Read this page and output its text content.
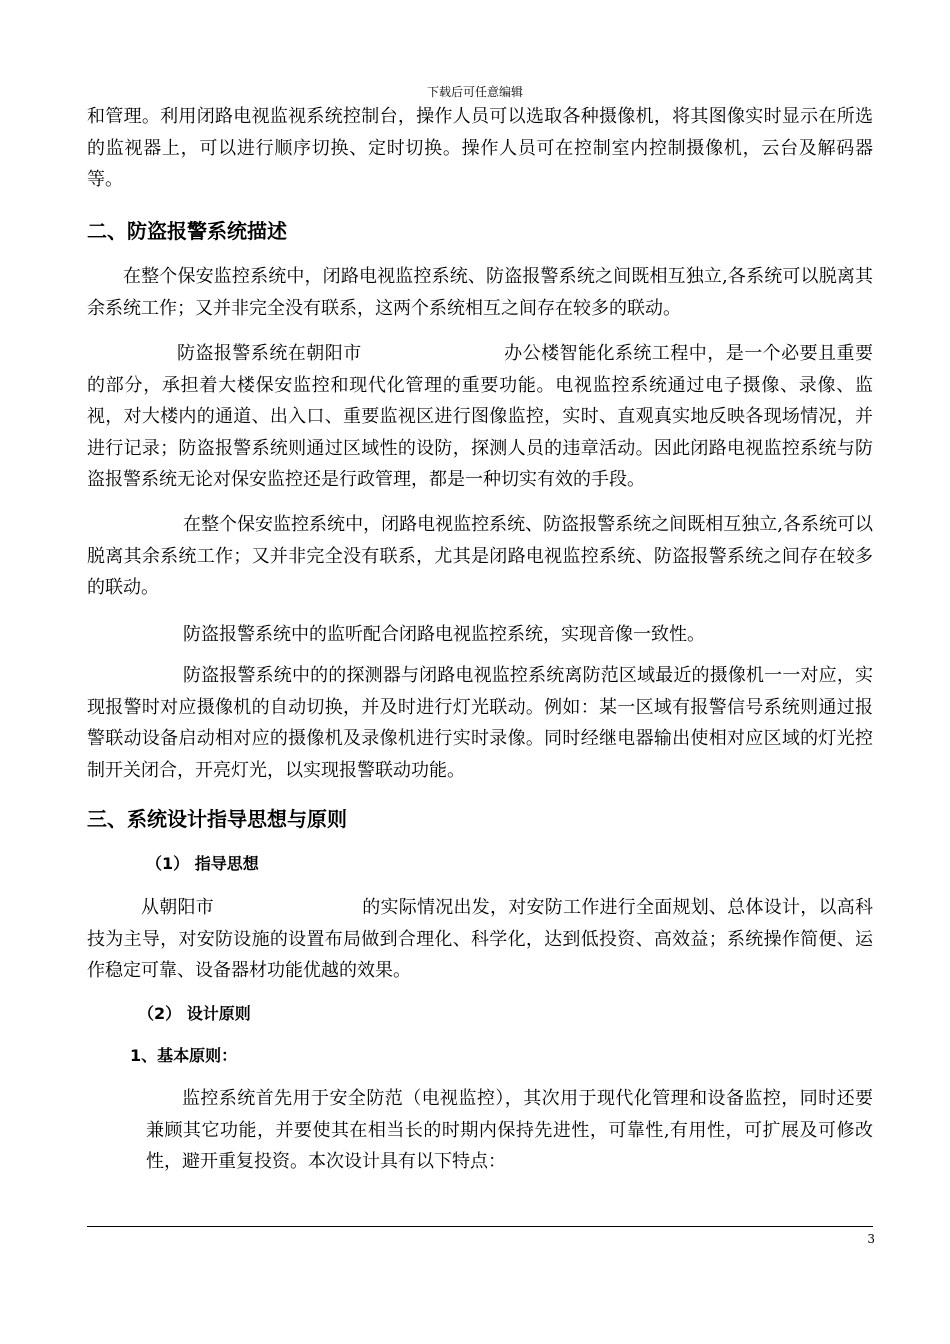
下载后可任意编辑

和管理。利用闭路电视监视系统控制台，操作人员可以选取各种摄像机，将其图像实时显示在所选的监视器上，可以进行顺序切换、定时切换。操作人员可在控制室内控制摄像机，云台及解码器等。

二、防盗报警系统描述

在整个保安监控系统中，闭路电视监控系统、防盗报警系统之间既相互独立,各系统可以脱离其余系统工作；又并非完全没有联系，这两个系统相互之间存在较多的联动。

防盗报警系统在朝阳市	办公楼智能化系统工程中，是一个必要且重要的部分，承担着大楼保安监控和现代化管理的重要功能。电视监控系统通过电子摄像、录像、监视，对大楼内的通道、出入口、重要监视区进行图像监控，实时、直观真实地反映各现场情况，并进行记录；防盗报警系统则通过区域性的设防，探测人员的违章活动。因此闭路电视监控系统与防盗报警系统无论对保安监控还是行政管理，都是一种切实有效的手段。

在整个保安监控系统中，闭路电视监控系统、防盗报警系统之间既相互独立,各系统可以脱离其余系统工作；又并非完全没有联系，尤其是闭路电视监控系统、防盗报警系统之间存在较多的联动。

防盗报警系统中的监听配合闭路电视监控系统，实现音像一致性。

防盗报警系统中的的探测器与闭路电视监控系统离防范区域最近的摄像机一一对应，实现报警时对应摄像机的自动切换，并及时进行灯光联动。例如：某一区域有报警信号系统则通过报警联动设备启动相对应的摄像机及录像机进行实时录像。同时经继电器输出使相对应区域的灯光控制开关闭合，开亮灯光，以实现报警联动功能。

三、系统设计指导思想与原则
（1） 指导思想

从朝阳市	的实际情况出发，对安防工作进行全面规划、总体设计，以高科技为主导，对安防设施的设置布局做到合理化、科学化，达到低投资、高效益；系统操作简便、运作稳定可靠、设备器材功能优越的效果。

（2） 设计原则
1、基本原则：

监控系统首先用于安全防范（电视监控），其次用于现代化管理和设备监控，同时还要兼顾其它功能，并要使其在相当长的时期内保持先进性，可靠性,有用性，可扩展及可修改性，避开重复投资。本次设计具有以下特点：

3
